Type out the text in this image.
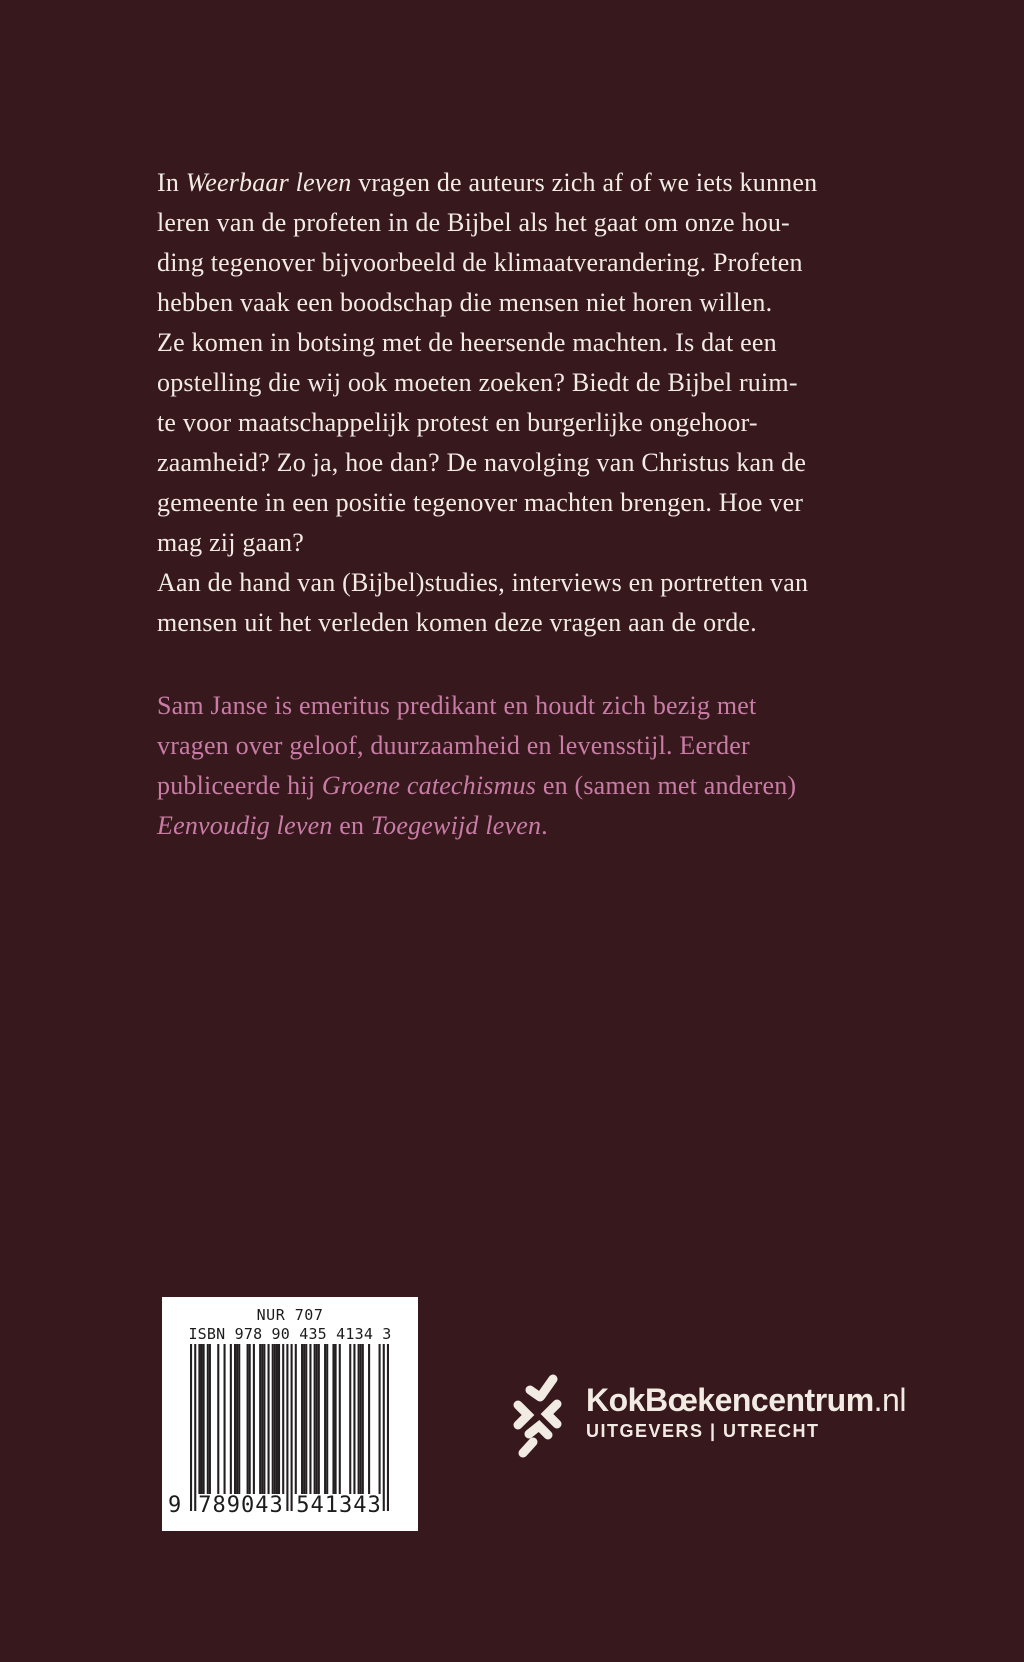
In Weerbaar leven vragen de auteurs zich af of we iets kunnen
leren van de profeten in de Bijbel als het gaat om onze hou-
ding tegenover bijvoorbeeld de klimaatverandering. Profeten
hebben vaak een boodschap die mensen niet horen willen.
Ze komen in botsing met de heersende machten. Is dat een
opstelling die wij ook moeten zoeken? Biedt de Bijbel ruim-
te voor maatschappelijk protest en burgerlijke ongehoor-
zaamheid? Zo ja, hoe dan? De navolging van Christus kan de
gemeente in een positie tegenover machten brengen. Hoe ver
mag zij gaan?
Aan de hand van (Bijbel)studies, interviews en portretten van
mensen uit het verleden komen deze vragen aan de orde.
Sam Janse is emeritus predikant en houdt zich bezig met
vragen over geloof, duurzaamheid en levensstijl. Eerder
publiceerde hij Groene catechismus en (samen met anderen)
Eenvoudig leven en Toegewijd leven.
NUR 707
ISBN 978 90 435 4134 3
9 789043 541343
KokBœkencentrum.nl
UITGEVERS | UTRECHT
